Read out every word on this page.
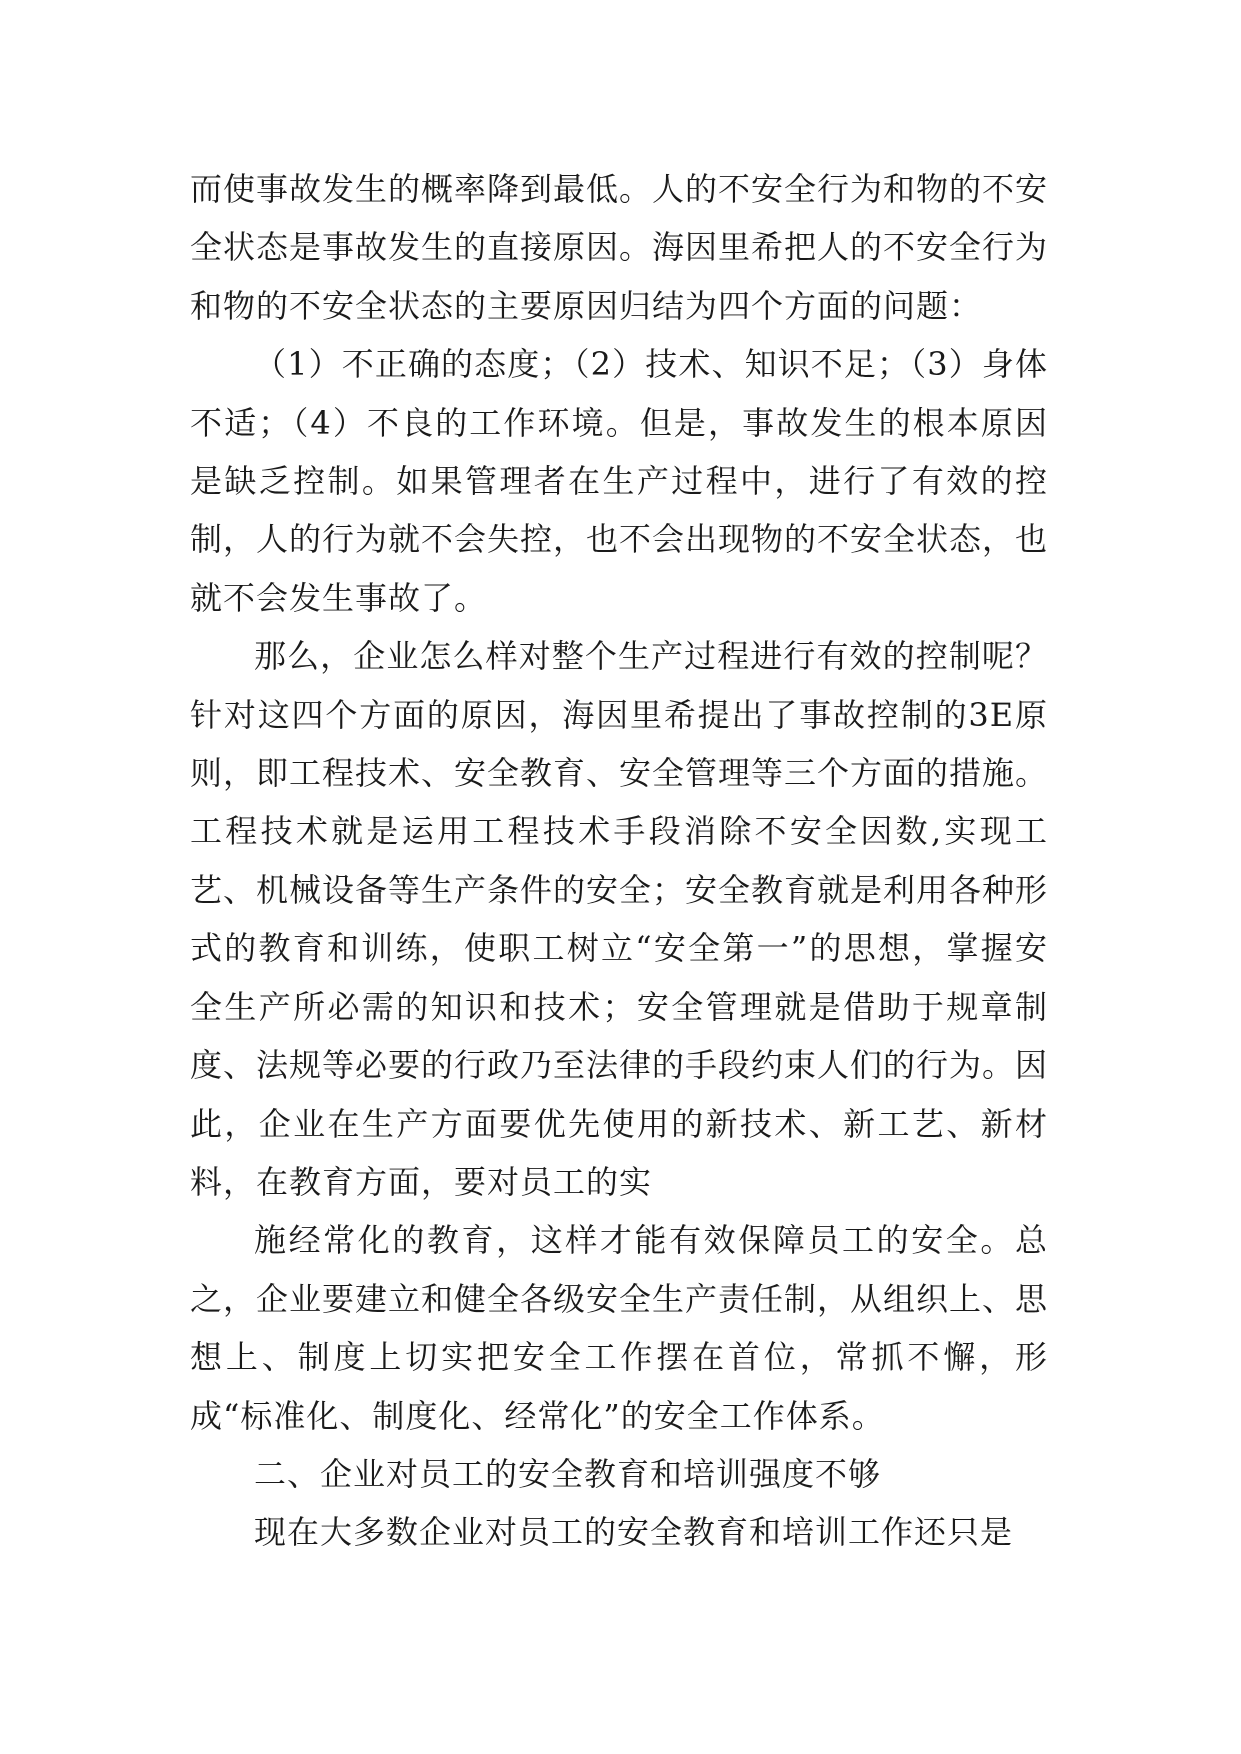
而使事故发生的概率降到最低。人的不安全行为和物的不安全状态是事故发生的直接原因。海因里希把人的不安全行为和物的不安全状态的主要原因归结为四个方面的问题：

（1）不正确的态度；（2）技术、知识不足；（3）身体不适；（4）不良的工作环境。但是，事故发生的根本原因是缺乏控制。如果管理者在生产过程中，进行了有效的控制，人的行为就不会失控，也不会出现物的不安全状态，也就不会发生事故了。

那么，企业怎么样对整个生产过程进行有效的控制呢？针对这四个方面的原因，海因里希提出了事故控制的3E原则，即工程技术、安全教育、安全管理等三个方面的措施。工程技术就是运用工程技术手段消除不安全因数,实现工艺、机械设备等生产条件的安全；安全教育就是利用各种形式的教育和训练，使职工树立“安全第一”的思想，掌握安全生产所必需的知识和技术；安全管理就是借助于规章制度、法规等必要的行政乃至法律的手段约束人们的行为。因此，企业在生产方面要优先使用的新技术、新工艺、新材料，在教育方面，要对员工的实

施经常化的教育，这样才能有效保障员工的安全。总之，企业要建立和健全各级安全生产责任制，从组织上、思想上、制度上切实把安全工作摆在首位，常抓不懈，形成“标准化、制度化、经常化”的安全工作体系。

二、企业对员工的安全教育和培训强度不够

现在大多数企业对员工的安全教育和培训工作还只是
